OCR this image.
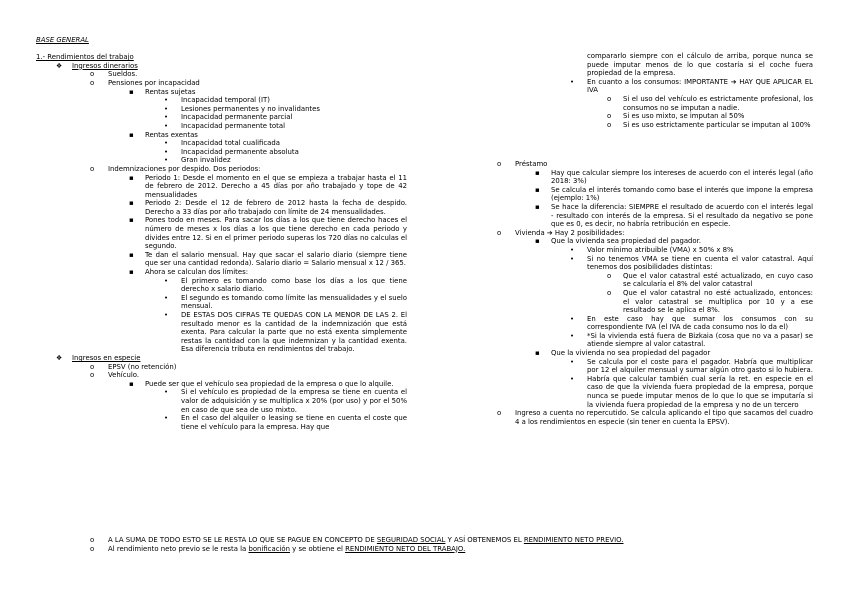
BASE GENERAL
1.- Rendimientos del trabajo
❖ Ingresos dinerarios
o Sueldos.
o Pensiones por incapacidad
▪ Rentas sujetas
• Incapacidad temporal (IT)
• Lesiones permanentes y no invalidantes
• Incapacidad permanente parcial
• Incapacidad permanente total
▪ Rentas exentas
• Incapacidad total cualificada
• Incapacidad permanente absoluta
• Gran invalidez
o Indemnizaciones por despido. Dos periodos:
▪ Periodo 1: Desde el momento en el que se empieza a trabajar hasta el 11 de febrero de 2012. Derecho a 45 días por año trabajado y tope de 42 mensualidades
▪ Periodo 2: Desde el 12 de febrero de 2012 hasta la fecha de despido. Derecho a 33 días por año trabajado con límite de 24 mensualidades.
▪ Pones todo en meses. Para sacar los días a los que tiene derecho haces el número de meses x los días a los que tiene derecho en cada periodo y divides entre 12. Si en el primer periodo superas los 720 días no calculas el segundo.
▪ Te dan el salario mensual. Hay que sacar el salario diario (siempre tiene que ser una cantidad redonda). Salario diario = Salario mensual x 12 / 365.
▪ Ahora se calculan dos límites:
• El primero es tomando como base los días a los que tiene derecho x salario diario.
• El segundo es tomando como límite las mensualidades y el suelo mensual.
• DE ESTAS DOS CIFRAS TE QUEDAS CON LA MENOR DE LAS 2. El resultado menor es la cantidad de la indemnización que está exenta. Para calcular la parte que no está exenta simplemente restas la cantidad con la que indemnizan y la cantidad exenta. Esa diferencia tributa en rendimientos del trabajo.
❖ Ingresos en especie
o EPSV (no retención)
o Vehículo.
▪ Puede ser que el vehículo sea propiedad de la empresa o que lo alquile.
• Si el vehículo es propiedad de la empresa se tiene en cuenta el valor de adquisición y se multiplica x 20% (por uso) y por el 50% en caso de que sea de uso mixto.
• En el caso del alquiler o leasing se tiene en cuenta el coste que tiene el vehículo para la empresa. Hay que
compararlo siempre con el cálculo de arriba, porque nunca se puede imputar menos de lo que costaría si el coche fuera propiedad de la empresa.
• En cuanto a los consumos: IMPORTANTE ➔ HAY QUE APLICAR EL IVA
o Si el uso del vehículo es estrictamente profesional, los consumos no se imputan a nadie.
o Si es uso mixto, se imputan al 50%
o Si es uso estrictamente particular se imputan al 100%
o Préstamo
▪ Hay que calcular siempre los intereses de acuerdo con el interés legal (año 2018: 3%)
▪ Se calcula el interés tomando como base el interés que impone la empresa (ejemplo: 1%)
▪ Se hace la diferencia: SIEMPRE el resultado de acuerdo con el interés legal - resultado con interés de la empresa. Si el resultado da negativo se pone que es 0, es decir, no habría retribución en especie.
o Vivienda ➔ Hay 2 posibilidades:
▪ Que la vivienda sea propiedad del pagador.
• Valor mínimo atribuible (VMA) x 50% x 8%
• Si no tenemos VMA se tiene en cuenta el valor catastral. Aquí tenemos dos posibilidades distintas:
o Que el valor catastral esté actualizado, en cuyo caso se calcularía el 8% del valor catastral
o Que el valor catastral no esté actualizado, entonces: el valor catastral se multiplica por 10 y a ese resultado se le aplica el 8%.
• En este caso hay que sumar los consumos con su correspondiente IVA (el IVA de cada consumo nos lo da el)
• *Si la vivienda está fuera de Bizkaia (cosa que no va a pasar) se atiende siempre al valor catastral.
▪ Que la vivienda no sea propiedad del pagador
• Se calcula por el coste para el pagador. Habría que multiplicar por 12 el alquiler mensual y sumar algún otro gasto si lo hubiera.
• Habría que calcular también cual sería la ret. en especie en el caso de que la vivienda fuera propiedad de la empresa, porque nunca se puede imputar menos de lo que lo que se imputaría si la vivienda fuera propiedad de la empresa y no de un tercero
o Ingreso a cuenta no repercutido. Se calcula aplicando el tipo que sacamos del cuadro 4 a los rendimientos en especie (sin tener en cuenta la EPSV).
o A LA SUMA DE TODO ESTO SE LE RESTA LO QUE SE PAGUE EN CONCEPTO DE SEGURIDAD SOCIAL Y ASÍ OBTENEMOS EL RENDIMIENTO NETO PREVIO.
o Al rendimiento neto previo se le resta la bonificación y se obtiene el RENDIMIENTO NETO DEL TRABAJO.
